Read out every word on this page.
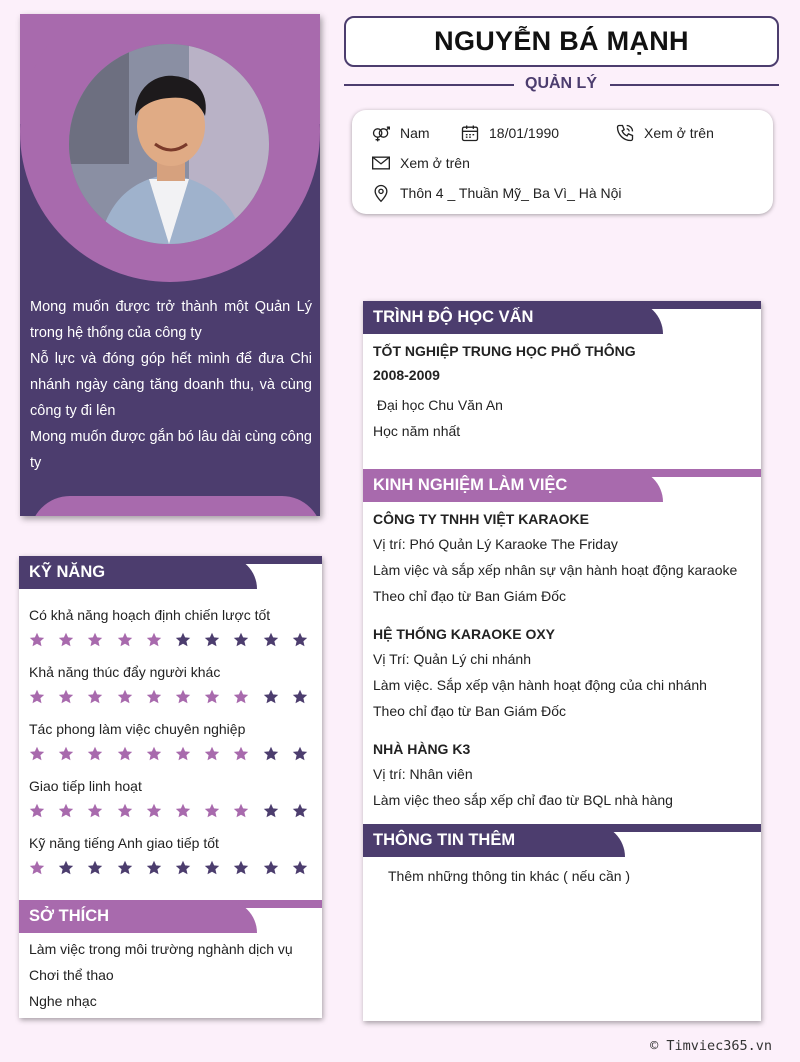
Mong muốn được trở thành một Quản Lý trong hệ thống của công ty

Nỗ lực và đóng góp hết mình để đưa Chi nhánh ngày càng tăng doanh thu, và cùng công ty đi lên

Mong muốn được gắn bó lâu dài cùng công ty

NGUYỄN BÁ MẠNH
QUẢN LÝ
Nam	18/01/1990	Xem ở trên
Xem ở trên
Thôn 4 _ Thuần Mỹ_ Ba Vì_ Hà Nội
KỸ NĂNG
Có khả năng hoạch định chiến lược tốt
Khả năng thúc đẩy người khác
Tác phong làm việc chuyên nghiệp
Giao tiếp linh hoạt
Kỹ năng tiếng Anh giao tiếp tốt
SỞ THÍCH
Làm việc trong môi trường nghành dịch vụ
Chơi thể thao
Nghe nhạc
TRÌNH ĐỘ HỌC VẤN
TỐT NGHIỆP TRUNG HỌC PHỔ THÔNG
2008-2009
Đại học Chu Văn An
Học năm nhất
KINH NGHIỆM LÀM VIỆC
CÔNG TY TNHH VIỆT KARAOKE
Vị trí: Phó Quản Lý Karaoke The Friday
Làm việc và sắp xếp nhân sự vận hành hoạt động karaoke
Theo chỉ đạo từ Ban Giám Đốc
HỆ THỐNG KARAOKE OXY
Vị Trí: Quản Lý chi nhánh
Làm việc. Sắp xếp vận hành hoạt động của chi nhánh
Theo chỉ đạo từ Ban Giám Đốc
NHÀ HÀNG K3
Vị trí: Nhân viên
Làm việc theo sắp xếp chỉ đao từ BQL nhà hàng
THÔNG TIN THÊM
Thêm những thông tin khác ( nếu cần )
© Timviec365.vn
